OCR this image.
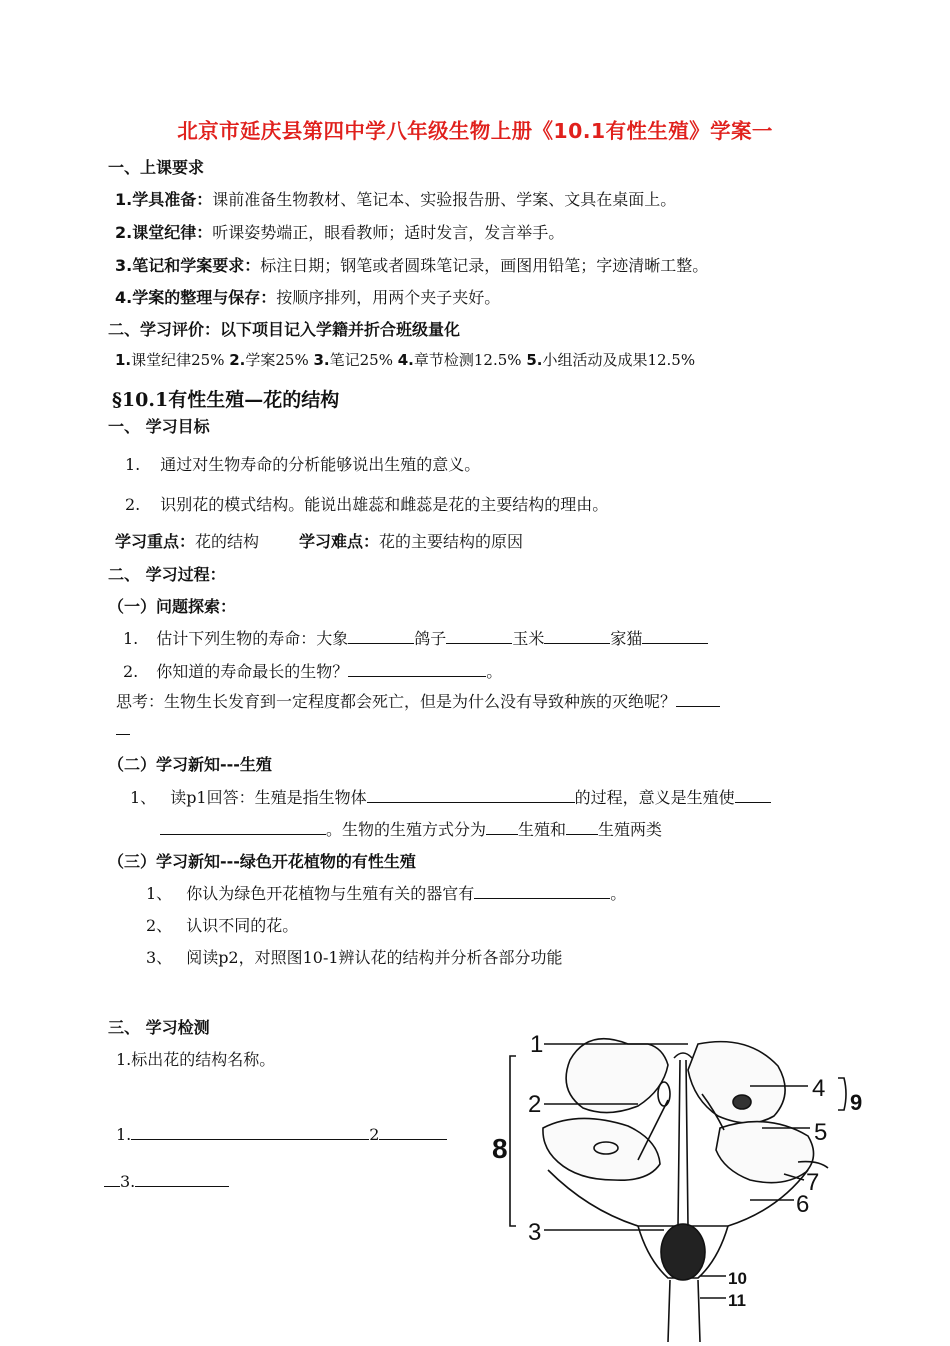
北京市延庆县第四中学八年级生物上册《10.1有性生殖》学案一
一、上课要求
1.学具准备：课前准备生物教材、笔记本、实验报告册、学案、文具在桌面上。
2.课堂纪律：听课姿势端正，眼看教师；适时发言，发言举手。
3.笔记和学案要求：标注日期；钢笔或者圆珠笔记录，画图用铅笔；字迹清晰工整。
4.学案的整理与保存：按顺序排列，用两个夹子夹好。
二、学习评价：以下项目记入学籍并折合班级量化
1.课堂纪律25% 2.学案25% 3.笔记25% 4.章节检测12.5% 5.小组活动及成果12.5%
§10.1有性生殖—花的结构
一、 学习目标
1. 通过对生物寿命的分析能够说出生殖的意义。
2. 识别花的模式结构。能说出雄蕊和雌蕊是花的主要结构的理由。
学习重点：花的结构	学习难点：花的主要结构的原因
二、 学习过程：
（一）问题探索：
1. 估计下列生物的寿命：大象	鸽子	玉米	家猫
2. 你知道的寿命最长的生物？	。
思考：生物生长发育到一定程度都会死亡，但是为什么没有导致种族的灭绝呢？
（二）学习新知---生殖
1、 读p1回答：生殖是指生物体	的过程，意义是生殖使
。生物的生殖方式分为 生殖和 生殖两类
（三）学习新知---绿色开花植物的有性生殖
1、 你认为绿色开花植物与生殖有关的器官有	。
2、 认识不同的花。
3、 阅读p2，对照图10-1辨认花的结构并分析各部分功能
三、 学习检测
1.标出花的结构名称。
1.	2
3.
1
2
3
4
5
6
7
8
9
10
11
